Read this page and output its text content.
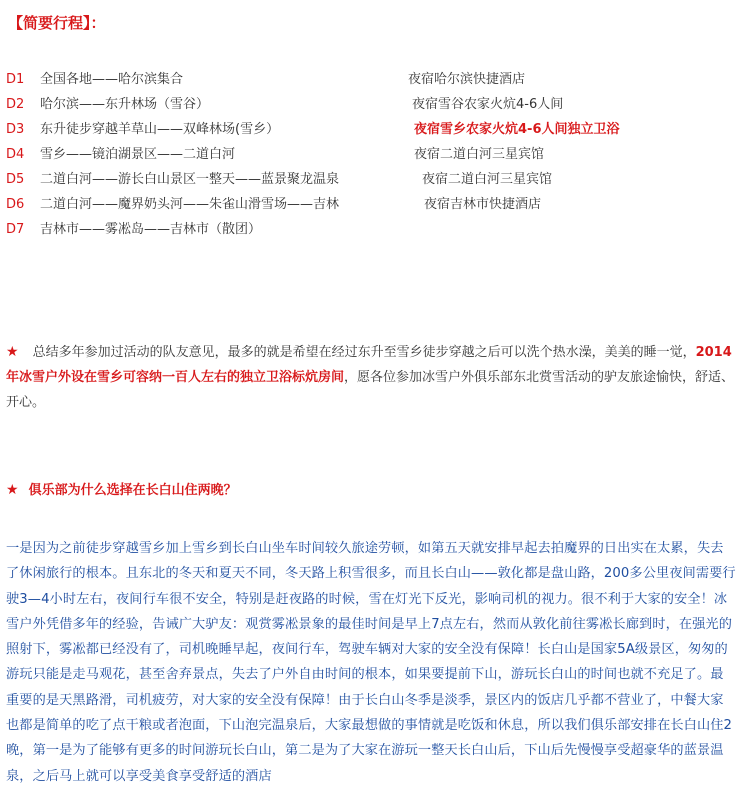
【简要行程】：
D1 全国各地——哈尔滨集合	夜宿哈尔滨快捷酒店
D2 哈尔滨——东升林场（雪谷）	夜宿雪谷农家火炕4-6人间
D3 东升徒步穿越羊草山——双峰林场(雪乡）	夜宿雪乡农家火炕4-6人间独立卫浴
D4 雪乡——镜泊湖景区——二道白河	夜宿二道白河三星宾馆
D5 二道白河——游长白山景区一整天——蓝景聚龙温泉	夜宿二道白河三星宾馆
D6 二道白河——魔界奶头河——朱雀山滑雪场——吉林	夜宿吉林市快捷酒店
D7 吉林市——雾凇岛——吉林市（散团）
★ 总结多年参加过活动的队友意见，最多的就是希望在经过东升至雪乡徒步穿越之后可以洗个热水澡，美美的睡一觉，2014年冰雪户外设在雪乡可容纳一百人左右的独立卫浴标炕房间，愿各位参加冰雪户外俱乐部东北赏雪活动的驴友旅途愉快，舒适、开心。
★ 俱乐部为什么选择在长白山住两晚？
一是因为之前徒步穿越雪乡加上雪乡到长白山坐车时间较久旅途劳顿，如第五天就安排早起去拍魔界的日出实在太累，失去了休闲旅行的根本。且东北的冬天和夏天不同，冬天路上积雪很多，而且长白山——敦化都是盘山路，200多公里夜间需要行驶3—4小时左右，夜间行车很不安全，特别是赶夜路的时候，雪在灯光下反光，影响司机的视力。很不利于大家的安全！冰雪户外凭借多年的经验，告诫广大驴友：观赏雾凇景象的最佳时间是早上7点左右，然而从敦化前往雾凇长廊到时，在强光的照射下，雾凇都已经没有了，司机晚睡早起，夜间行车，驾驶车辆对大家的安全没有保障！长白山是国家5A级景区，匆匆的游玩只能是走马观花，甚至舍弃景点，失去了户外自由时间的根本，如果要提前下山，游玩长白山的时间也就不充足了。最重要的是天黑路滑，司机疲劳，对大家的安全没有保障！由于长白山冬季是淡季，景区内的饭店几乎都不营业了，中餐大家也都是简单的吃了点干粮或者泡面，下山泡完温泉后，大家最想做的事情就是吃饭和休息，所以我们俱乐部安排在长白山住2晚，第一是为了能够有更多的时间游玩长白山，第二是为了大家在游玩一整天长白山后，下山后先慢慢享受超豪华的蓝景温泉，之后马上就可以享受美食享受舒适的酒店
